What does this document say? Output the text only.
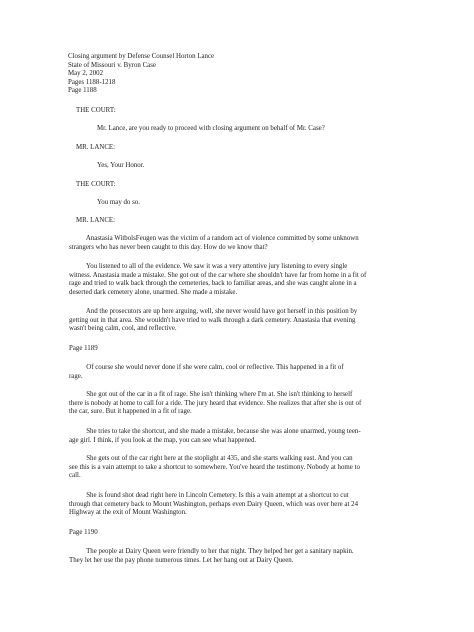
Closing argument by Defense Counsel Horton Lance
State of Missouri v. Byron Case
May 2, 2002
Pages 1188-1218
Page 1188
THE COURT:
Mr. Lance, are you ready to proceed with closing argument on behalf of Mr. Case?
MR. LANCE:
Yes, Your Honor.
THE COURT:
You may do so.
MR. LANCE:
Anastasia WitbolsFeugen was the victim of a random act of violence committed by some unknown
strangers who has never been caught to this day. How do we know that?
You listened to all of the evidence. We saw it was a very attentive jury listening to every single
witness. Anastasia made a mistake. She got out of the car where she shouldn't have far from home in a fit of
rage and tried to walk back through the cemeteries, back to familiar areas, and she was caught alone in a
deserted dark cemetery alone, unarmed. She made a mistake.
And the prosecutors are up here arguing, well, she never would have got herself in this position by
getting out in that area. She wouldn't have tried to walk through a dark cemetery. Anastasia that evening
wasn't being calm, cool, and reflective.
Page 1189
Of course she would never done if she were calm, cool or reflective. This happened in a fit of
rage.
She got out of the car in a fit of rage. She isn't thinking where I'm at. She isn't thinking to herself
there is nobody at home to call for a ride. The jury heard that evidence. She realizes that after she is out of
the car, sure. But it happened in a fit of rage.
She tries to take the shortcut, and she made a mistake, because she was alone unarmed, young teen-
age girl. I think, if you look at the map, you can see what happened.
She gets out of the car right here at the stoplight at 435, and she starts walking east. And you can
see this is a vain attempt to take a shortcut to somewhere. You've heard the testimony. Nobody at home to
call.
She is found shot dead right here in Lincoln Cemetery. Is this a vain attempt at a shortcut to cut
through that cemetery back to Mount Washington, perhaps even Dairy Queen, which was over here at 24
Highway at the exit of Mount Washington.
Page 1190
The people at Dairy Queen were friendly to her that night. They helped her get a sanitary napkin.
They let her use the pay phone numerous times. Let her hang out at Dairy Queen.
